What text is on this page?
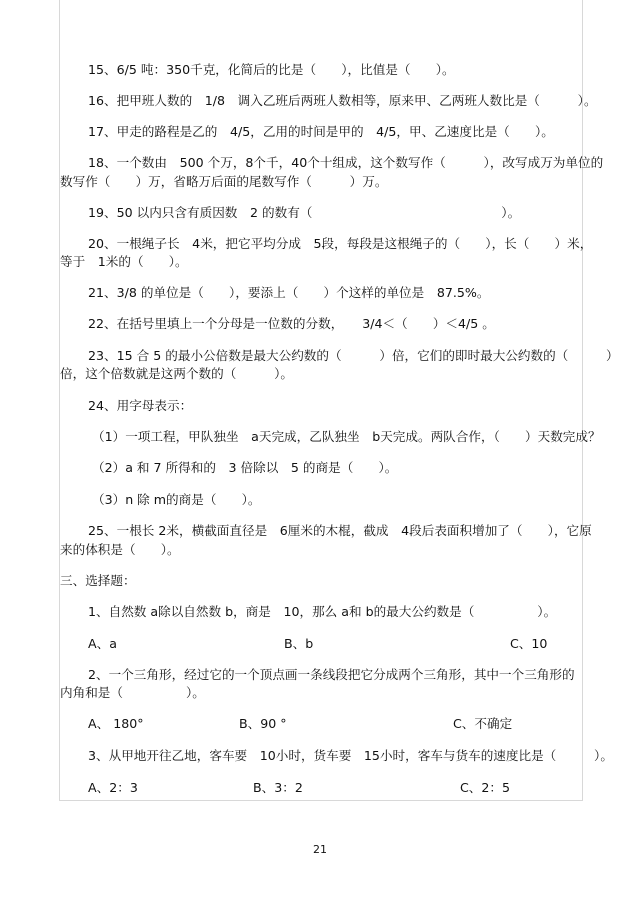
15、6/5 吨：350千克，化简后的比是（　　），比值是（　　）。
16、把甲班人数的　1/8　调入乙班后两班人数相等，原来甲、乙两班人数比是（　　　）。
17、甲走的路程是乙的　4/5，乙用的时间是甲的　4/5，甲、乙速度比是（　　）。
18、一个数由　500 个万，8个千，40个十组成，这个数写作（　　　），改写成万为单位的
数写作（　　）万，省略万后面的尾数写作（　　　）万。
19、50 以内只含有质因数　2 的数有（　　　　　　　　　　　　　　　）。
20、一根绳子长　4米，把它平均分成　5段，每段是这根绳子的（　　），长（　　）米，
等于　1米的（　　）。
21、3/8 的单位是（　　），要添上（　　）个这样的单位是　87.5%。
22、在括号里填上一个分母是一位数的分数，　　3/4＜（　　）＜4/5 。
23、15 合 5 的最小公倍数是最大公约数的（　　　）倍，它们的即时最大公约数的（　　　）
倍，这个倍数就是这两个数的（　　　）。
24、用字母表示：
（1）一项工程，甲队独坐　a天完成，乙队独坐　b天完成。两队合作，（　　）天数完成？
（2）a 和 7 所得和的　3 倍除以　5 的商是（　　）。
（3）n 除 m的商是（　　）。
25、一根长 2米，横截面直径是　6厘米的木棍，截成　4段后表面积增加了（　　），它原
来的体积是（　　）。
三、选择题：
1、自然数 a除以自然数 b，商是　10，那么 a和 b的最大公约数是（　　　　　）。
A、a	B、b	C、10
2、一个三角形，经过它的一个顶点画一条线段把它分成两个三角形，其中一个三角形的
内角和是（　　　　　）。
A、 180°	B、90 °	C、不确定
3、从甲地开往乙地，客车要　10小时，货车要　15小时，客车与货车的速度比是（　　　）。
A、2：3	B、3：2	C、2：5
21
